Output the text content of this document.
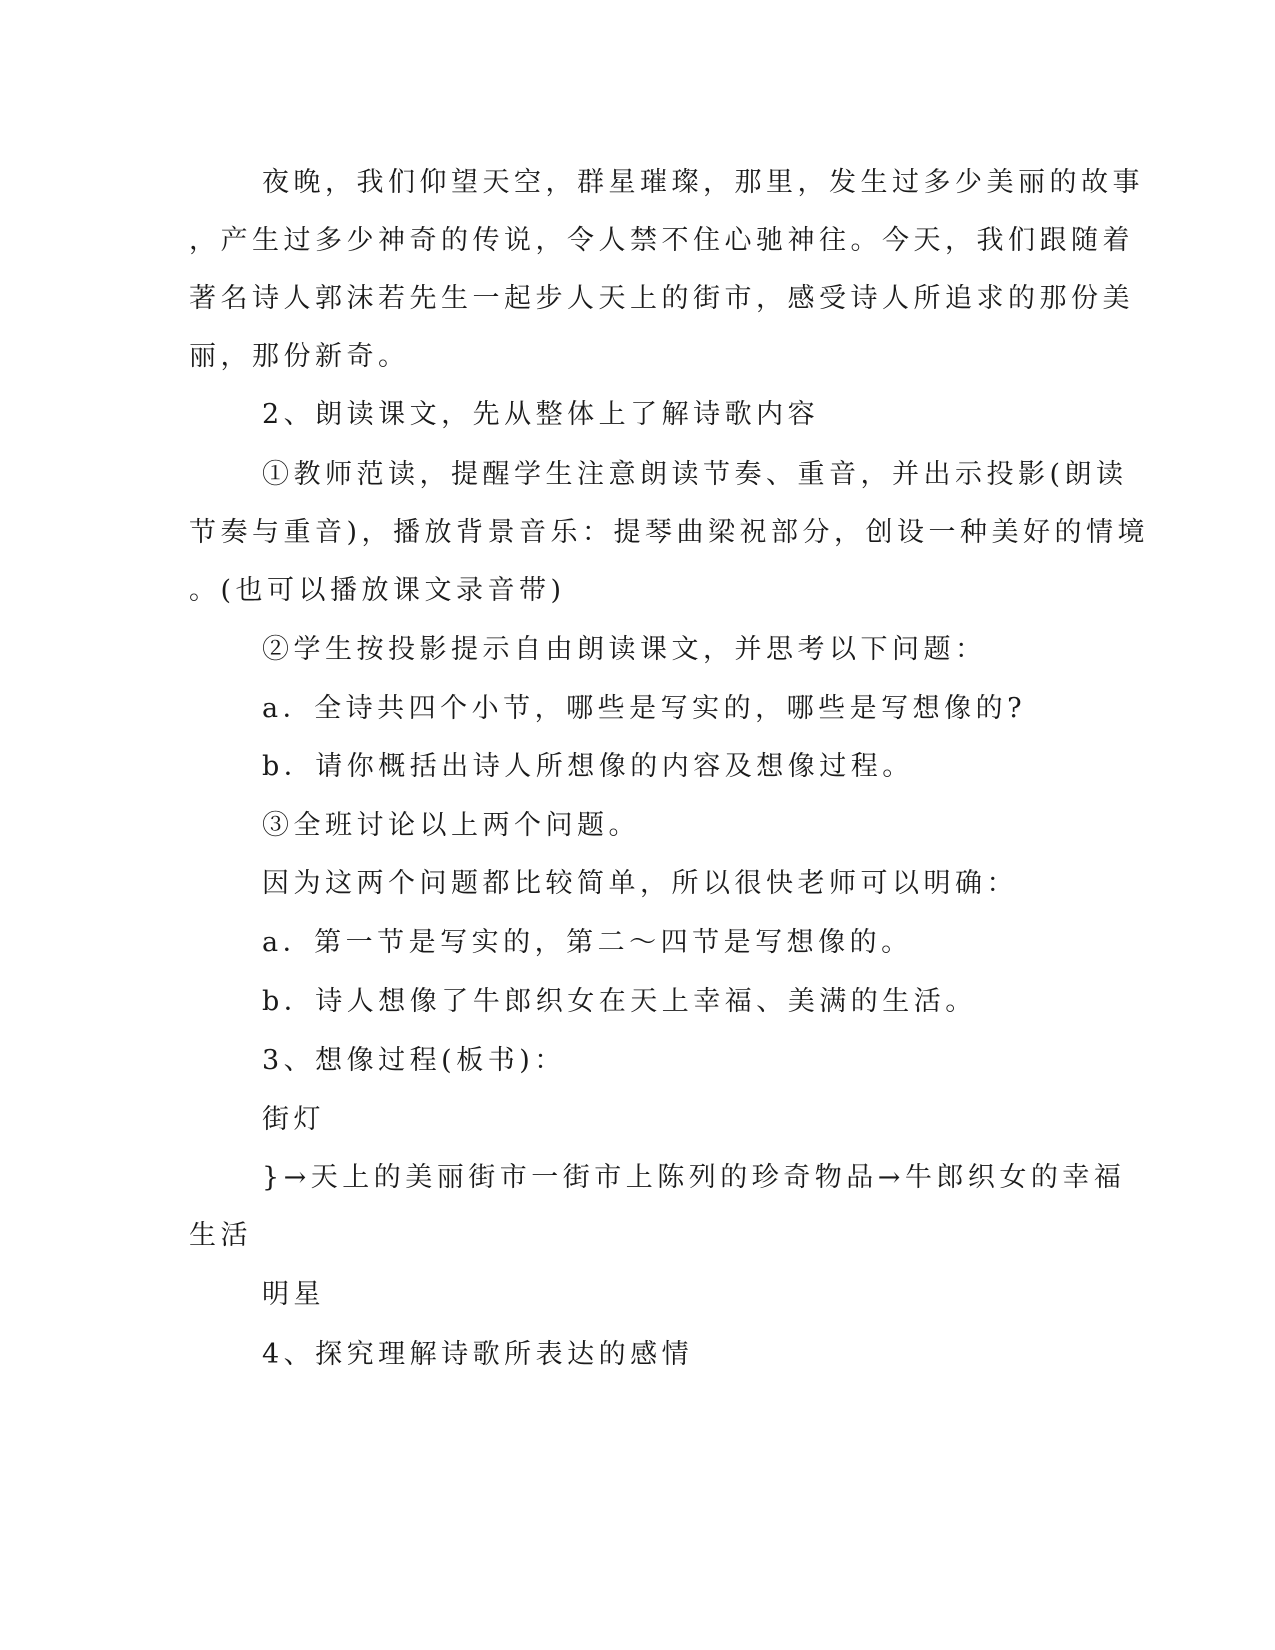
夜晚，我们仰望天空，群星璀璨，那里，发生过多少美丽的故事
，产生过多少神奇的传说，令人禁不住心驰神往。今天，我们跟随着
著名诗人郭沫若先生一起步人天上的街市，感受诗人所追求的那份美
丽，那份新奇。
2、朗读课文，先从整体上了解诗歌内容
①教师范读，提醒学生注意朗读节奏、重音，并出示投影(朗读
节奏与重音)，播放背景音乐：提琴曲梁祝部分，创设一种美好的情境
。(也可以播放课文录音带)
②学生按投影提示自由朗读课文，并思考以下问题：
a．全诗共四个小节，哪些是写实的，哪些是写想像的?
b．请你概括出诗人所想像的内容及想像过程。
③全班讨论以上两个问题。
因为这两个问题都比较简单，所以很快老师可以明确：
a．第一节是写实的，第二～四节是写想像的。
b．诗人想像了牛郎织女在天上幸福、美满的生活。
3、想像过程(板书)：
街灯
}→天上的美丽街市一街市上陈列的珍奇物品→牛郎织女的幸福
生活
明星
4、探究理解诗歌所表达的感情
